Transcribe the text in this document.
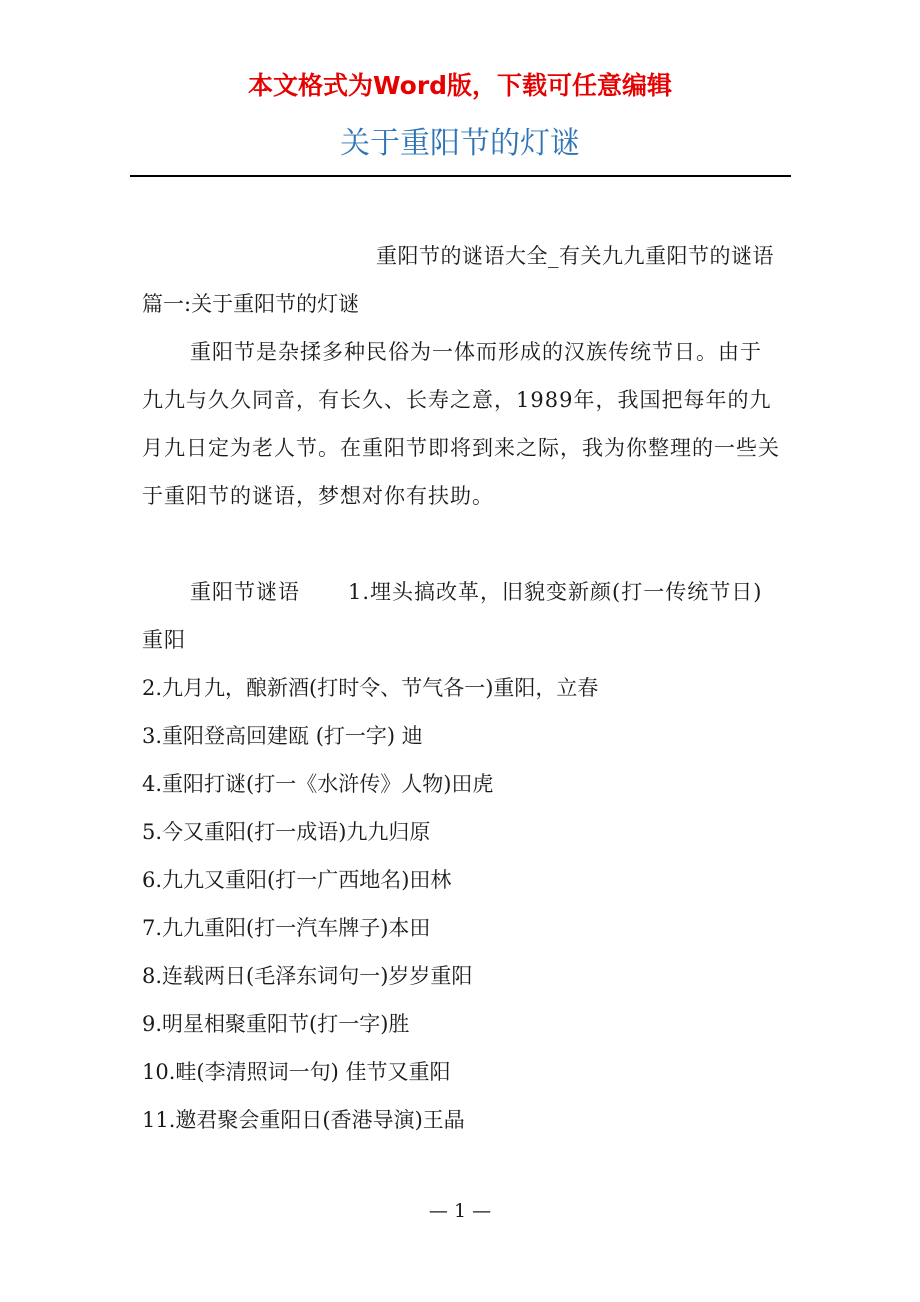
本文格式为Word版，下载可任意编辑
关于重阳节的灯谜

重阳节的谜语大全_有关九九重阳节的谜语

篇一:关于重阳节的灯谜

重阳节是杂揉多种民俗为一体而形成的汉族传统节日。由于九九与久久同音，有长久、长寿之意，1989年，我国把每年的九月九日定为老人节。在重阳节即将到来之际，我为你整理的一些关于重阳节的谜语，梦想对你有扶助。

重阳节谜语 1.埋头搞改革，旧貌变新颜(打一传统节日)重阳

2.九月九，酿新酒(打时令、节气各一)重阳，立春

3.重阳登高回建瓯 (打一字) 迪

4.重阳打谜(打一《水浒传》人物)田虎

5.今又重阳(打一成语)九九归原

6.九九又重阳(打一广西地名)田林

7.九九重阳(打一汽车牌子)本田

8.连载两日(毛泽东词句一)岁岁重阳

9.明星相聚重阳节(打一字)胜

10.畦(李清照词一句) 佳节又重阳

11.邀君聚会重阳日(香港导演)王晶

— 1 —
